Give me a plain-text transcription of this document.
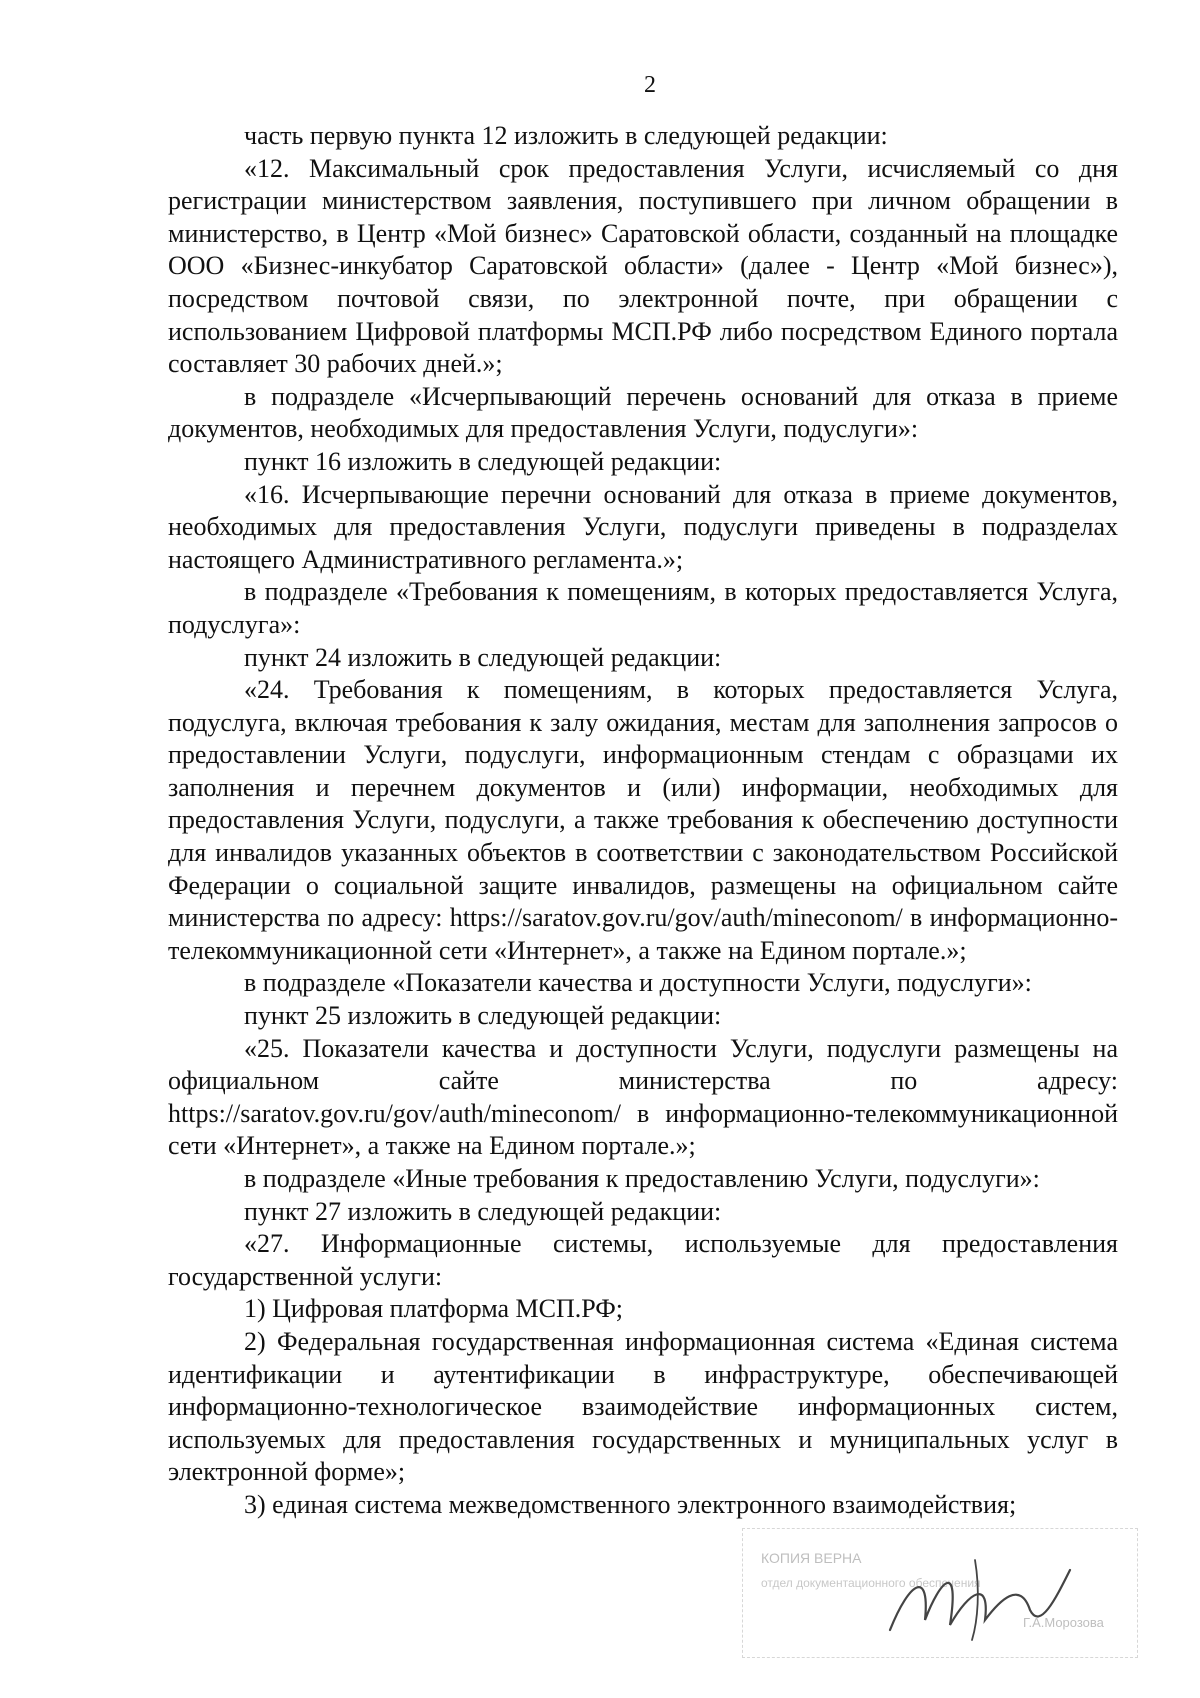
2

часть первую пункта 12 изложить в следующей редакции:

«12. Максимальный срок предоставления Услуги, исчисляемый со дня регистрации министерством заявления, поступившего при личном обращении в министерство, в Центр «Мой бизнес» Саратовской области, созданный на площадке ООО «Бизнес-инкубатор Саратовской области» (далее - Центр «Мой бизнес»), посредством почтовой связи, по электронной почте, при обращении с использованием Цифровой платформы МСП.РФ либо посредством Единого портала составляет 30 рабочих дней.»;

в подразделе «Исчерпывающий перечень оснований для отказа в приеме документов, необходимых для предоставления Услуги, подуслуги»:

пункт 16 изложить в следующей редакции:

«16. Исчерпывающие перечни оснований для отказа в приеме документов, необходимых для предоставления Услуги, подуслуги приведены в подразделах настоящего Административного регламента.»;

в подразделе «Требования к помещениям, в которых предоставляется Услуга, подуслуга»:

пункт 24 изложить в следующей редакции:

«24. Требования к помещениям, в которых предоставляется Услуга, подуслуга, включая требования к залу ожидания, местам для заполнения запросов о предоставлении Услуги, подуслуги, информационным стендам с образцами их заполнения и перечнем документов и (или) информации, необходимых для предоставления Услуги, подуслуги, а также требования к обеспечению доступности для инвалидов указанных объектов в соответствии с законодательством Российской Федерации о социальной защите инвалидов, размещены на официальном сайте министерства по адресу: https://saratov.gov.ru/gov/auth/mineconom/ в информационно-телекоммуникационной сети «Интернет», а также на Едином портале.»;

в подразделе «Показатели качества и доступности Услуги, подуслуги»:

пункт 25 изложить в следующей редакции:

«25. Показатели качества и доступности Услуги, подуслуги размещены на официальном сайте министерства по адресу: https://saratov.gov.ru/gov/auth/mineconom/ в информационно-телекоммуникационной сети «Интернет», а также на Едином портале.»;

в подразделе «Иные требования к предоставлению Услуги, подуслуги»:

пункт 27 изложить в следующей редакции:

«27. Информационные системы, используемые для предоставления государственной услуги:

1) Цифровая платформа МСП.РФ;

2) Федеральная государственная информационная система «Единая система идентификации и аутентификации в инфраструктуре, обеспечивающей информационно-технологическое взаимодействие информационных систем, используемых для предоставления государственных и муниципальных услуг в электронной форме»;

3) единая система межведомственного электронного взаимодействия;

КОПИЯ ВЕРНА
отдел документационного обеспечения
Г.А.Морозова
